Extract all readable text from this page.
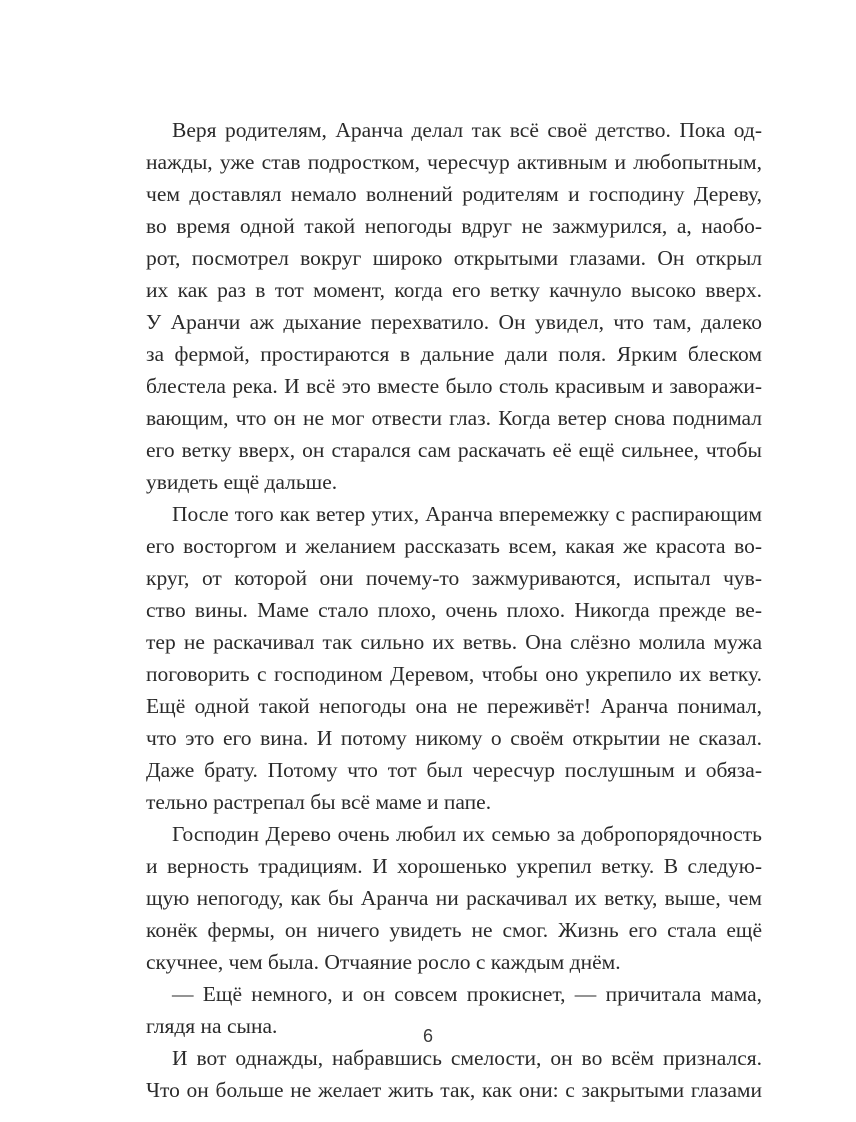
Веря родителям, Аранча делал так всё своё детство. Пока од-
нажды, уже став подростком, чересчур активным и любопытным,
чем доставлял немало волнений родителям и господину Дереву,
во время одной такой непогоды вдруг не зажмурился, а, наобо-
рот, посмотрел вокруг широко открытыми глазами. Он открыл
их как раз в тот момент, когда его ветку качнуло высоко вверх.
У Аранчи аж дыхание перехватило. Он увидел, что там, далеко
за фермой, простираются в дальние дали поля. Ярким блеском
блестела река. И всё это вместе было столь красивым и заворажи-
вающим, что он не мог отвести глаз. Когда ветер снова поднимал
его ветку вверх, он старался сам раскачать её ещё сильнее, чтобы
увидеть ещё дальше.
После того как ветер утих, Аранча вперемежку с распирающим
его восторгом и желанием рассказать всем, какая же красота во-
круг, от которой они почему-то зажмуриваются, испытал чув-
ство вины. Маме стало плохо, очень плохо. Никогда прежде ве-
тер не раскачивал так сильно их ветвь. Она слёзно молила мужа
поговорить с господином Деревом, чтобы оно укрепило их ветку.
Ещё одной такой непогоды она не переживёт! Аранча понимал,
что это его вина. И потому никому о своём открытии не сказал.
Даже брату. Потому что тот был чересчур послушным и обяза-
тельно растрепал бы всё маме и папе.
Господин Дерево очень любил их семью за добропорядочность
и верность традициям. И хорошенько укрепил ветку. В следую-
щую непогоду, как бы Аранча ни раскачивал их ветку, выше, чем
конёк фермы, он ничего увидеть не смог. Жизнь его стала ещё
скучнее, чем была. Отчаяние росло с каждым днём.
— Ещё немного, и он совсем прокиснет, — причитала мама,
глядя на сына.
И вот однажды, набравшись смелости, он во всём признался.
Что он больше не желает жить так, как они: с закрытыми глазами
6
